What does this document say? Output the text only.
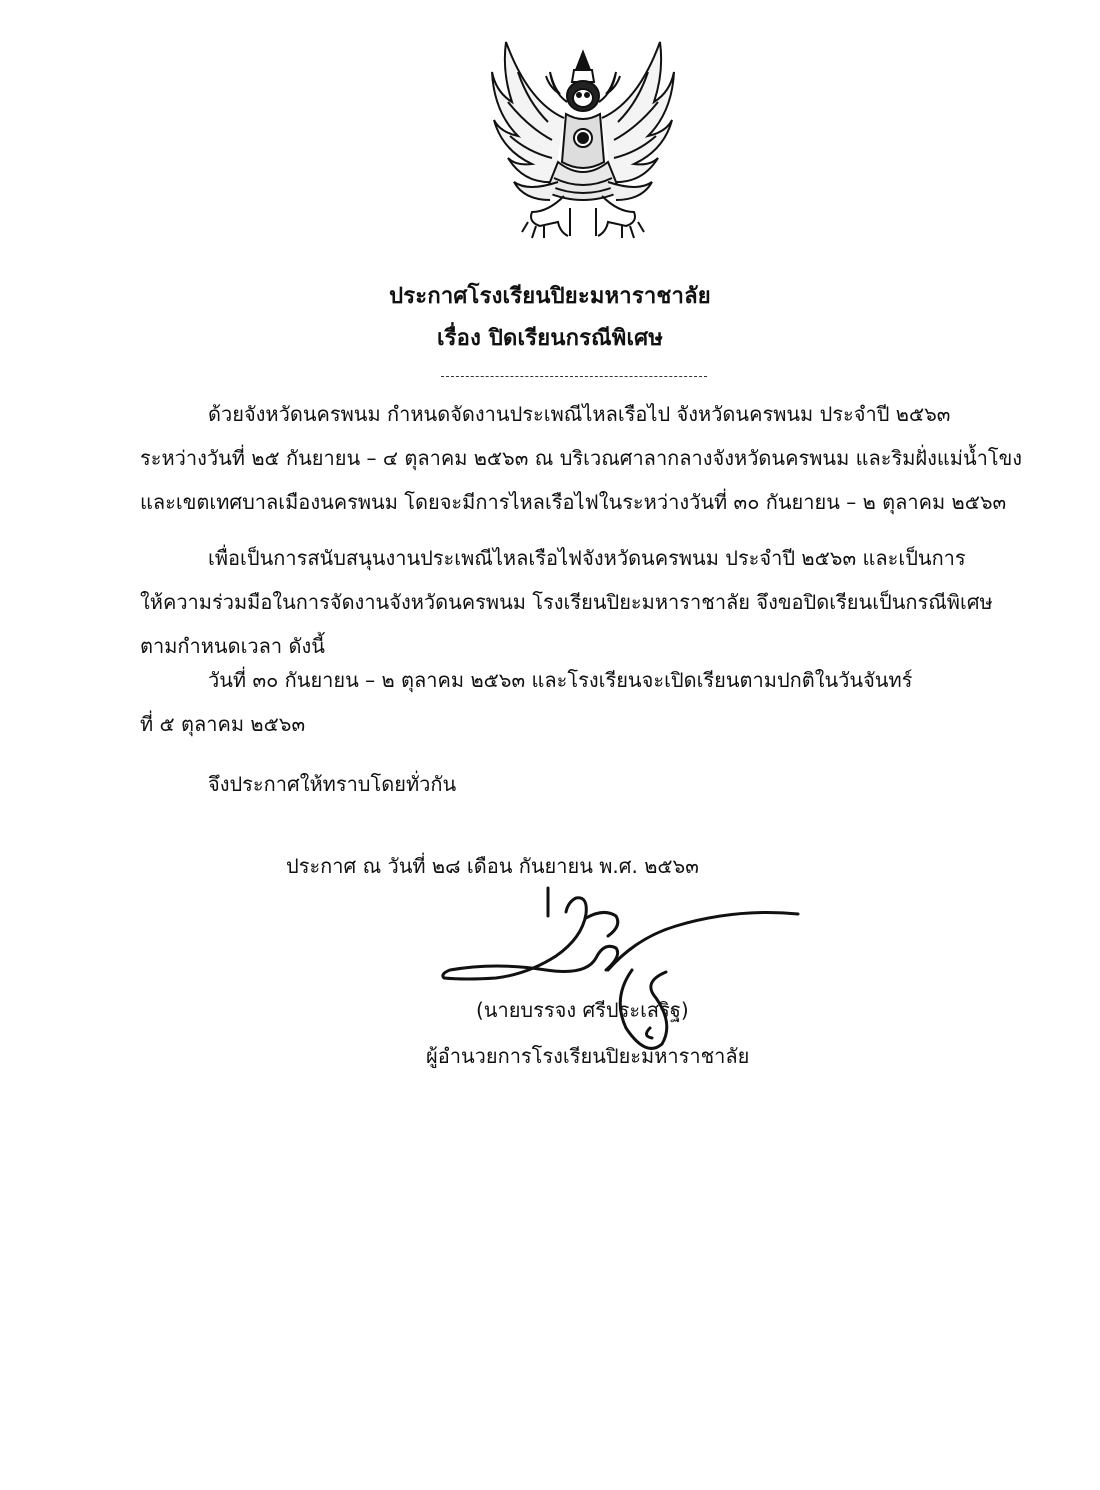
ประกาศโรงเรียนปิยะมหาราชาลัย
เรื่อง ปิดเรียนกรณีพิเศษ
ด้วยจังหวัดนครพนม กำหนดจัดงานประเพณีไหลเรือไป จังหวัดนครพนม ประจำปี ๒๕๖๓
ระหว่างวันที่ ๒๕ กันยายน – ๔ ตุลาคม ๒๕๖๓ ณ บริเวณศาลากลางจังหวัดนครพนม และริมฝั่งแม่น้ำโขง
และเขตเทศบาลเมืองนครพนม โดยจะมีการไหลเรือไฟในระหว่างวันที่ ๓๐ กันยายน – ๒ ตุลาคม ๒๕๖๓
เพื่อเป็นการสนับสนุนงานประเพณีไหลเรือไฟจังหวัดนครพนม ประจำปี ๒๕๖๓ และเป็นการ
ให้ความร่วมมือในการจัดงานจังหวัดนครพนม โรงเรียนปิยะมหาราชาลัย จึงขอปิดเรียนเป็นกรณีพิเศษ
ตามกำหนดเวลา ดังนี้
วันที่ ๓๐ กันยายน – ๒ ตุลาคม ๒๕๖๓ และโรงเรียนจะเปิดเรียนตามปกติในวันจันทร์
ที่ ๕ ตุลาคม ๒๕๖๓
จึงประกาศให้ทราบโดยทั่วกัน
ประกาศ ณ วันที่ ๒๘ เดือน กันยายน พ.ศ. ๒๕๖๓
(นายบรรจง ศรีประเสริฐ)
ผู้อำนวยการโรงเรียนปิยะมหาราชาลัย
